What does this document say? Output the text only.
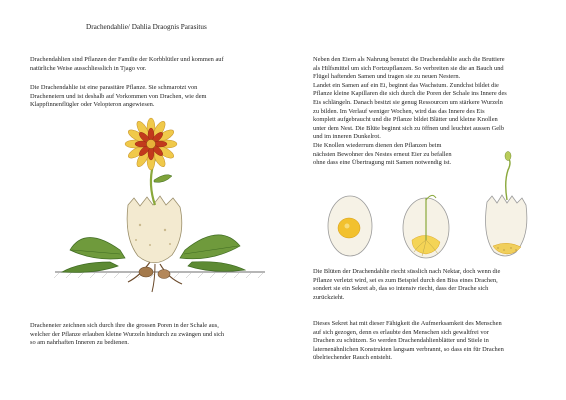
Drachendahlie/ Dahlia Draognis Parasitus
Drachendahlien sind Pflanzen der Familie der Korbblütler und kommen auf
natürliche Weise ausschliesslich in Tjago vor.
Die Drachendahlie ist eine parasitäre Pflanze. Sie schmarotzt von
Dracheneiern und ist deshalb auf Vorkommen von Drachen, wie dem
Klappfinnenflügler oder Velopteron angewiesen.
Dracheneier zeichnen sich durch ihre die grossen Poren in der Schale aus,
welcher der Pflanze erlauben kleine Wurzeln hindurch zu zwängen und sich
so am nahrhaften Inneren zu bedienen.
Neben den Eiern als Nahrung benutzt die Drachendahlie auch die Bruttiere
als Hilfsmittel um sich Fortzupflanzen. So verbreiten sie die an Bauch und
Flügel haftenden Samen und tragen sie zu neuen Nestern.
Landet ein Samen auf ein Ei, beginnt das Wachstum. Zundchst bildet die
Pflanze kleine Kapillaren die sich durch die Poren der Schale ins Innere des
Eis schlängeln. Danach besitzt sie genug Ressourcen um stärkere Wurzeln
zu bilden. Im Verlauf weniger Wochen, wird das das Innere des Eis
komplett aufgebraucht und die Pflanze bildet Blätter und kleine Knollen
unter dem Nest. Die Blüte beginnt sich zu öffnen und leuchtet aussen Gelb
und im inneren Dunkelrot.
Die Knollen wiederrum dienen den Pflanzen beim
nächsten Bewohner des Nestes erneut Eier zu befallen
ohne dass eine Übertragung mit Samen notwendig ist.
Die Blüten der Drachendahlie riecht süsslich nach Nektar, doch wenn die
Pflanze verletzt wird, sei es zum Beispiel durch den Biss eines Drachen,
sondert sie ein Sekret ab, das so intensiv riecht, dass der Drache sich
zurückzieht.
Dieses Sekret hat mit dieser Fähigkeit die Aufmerksamkeit des Menschen
auf sich gezogen, denn es erlaubte den Menschen sich gewaltfrei vor
Drachen zu schützen. So werden Drachendahlienblätter und Stiele in
laternenähnlichen Konstrukten langsam verbrannt, so dass ein für Drachen
übelriechender Rauch entsteht.
